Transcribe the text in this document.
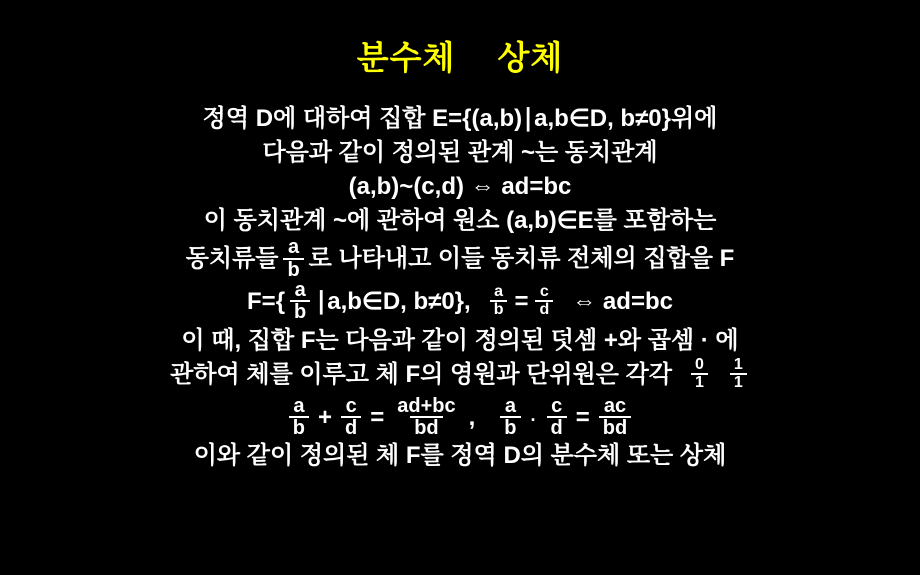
분수체 상체
정역 D에 대하여 집합 E={(a,b)∣a,b∈D, b≠0}위에
다음과 같이 정의된 관계 ~는 동치관계
(a,b)~(c,d) ⇔ ad=bc
이 동치관계 ~에 관하여 원소 (a,b)∈E를 포함하는
동치류들 $\frac{a}{b}$ 로 나타내고 이들 동치류 전체의 집합을 F
$F=\{ \frac{a}{b}$ ∣a,b∈D, b≠0}, $\frac{a}{b} = \frac{c}{d}$ ⇔ ad=bc
이 때, 집합 F는 다음과 같이 정의된 덧셈 +와 곱셈 · 에
관하여 체를 이루고 체 F의 영원과 단위원은 각각 $\frac{0}{1} \frac{1}{1}$
$\frac{a}{b} + \frac{c}{d} = \frac{ad+bc}{bd}$ , $\frac{a}{b} \cdot \frac{c}{d} = \frac{ac}{bd}$
이와 같이 정의된 체 F를 정역 D의 분수체 또는 상체
